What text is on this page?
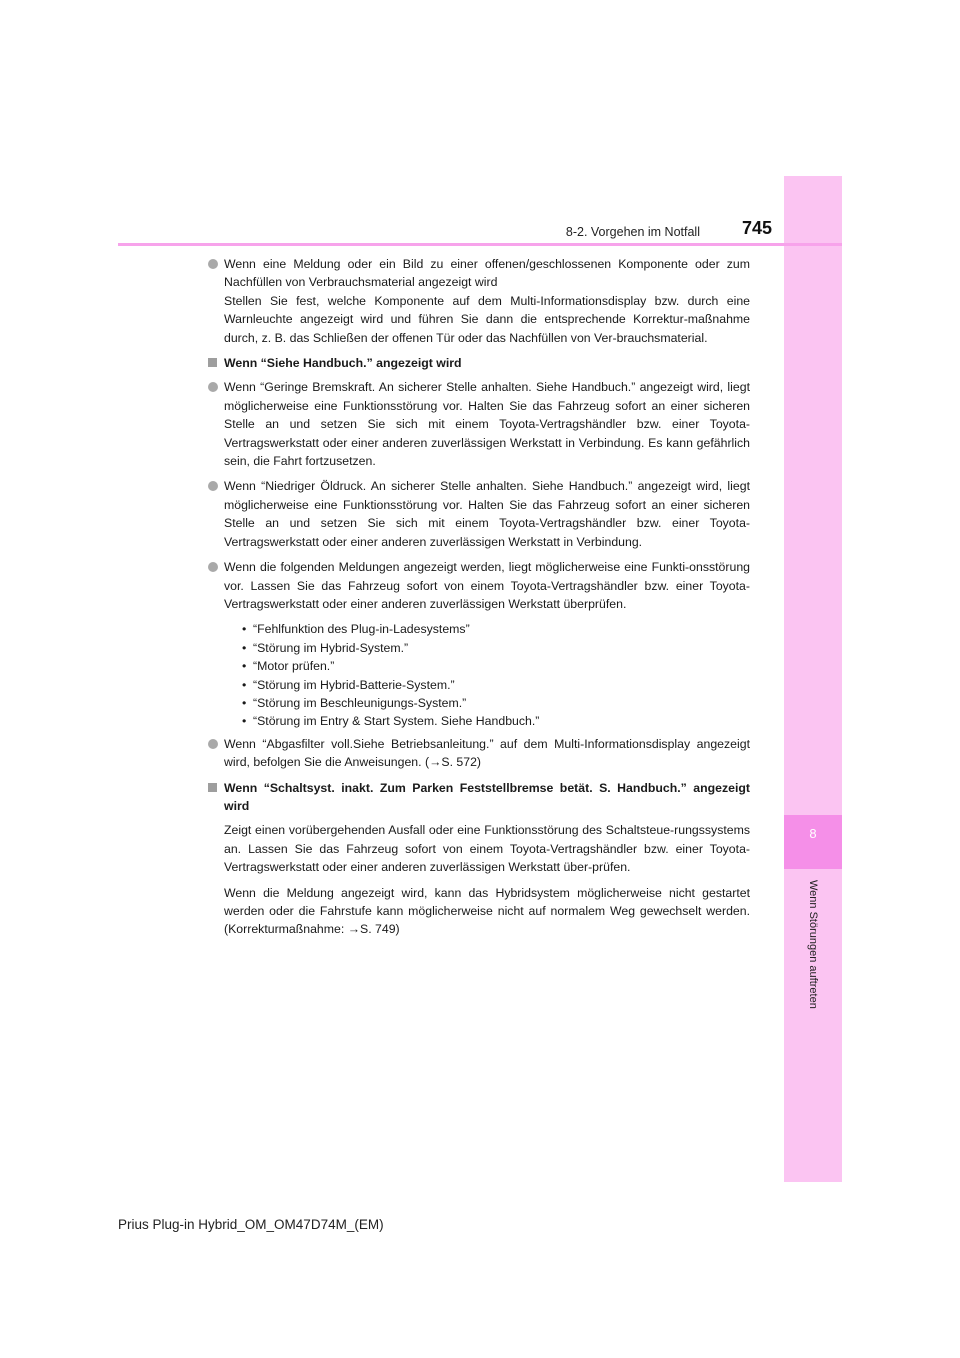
8
Wenn Störungen auftreten
8-2. Vorgehen im Notfall	745
Wenn eine Meldung oder ein Bild zu einer offenen/geschlossenen Komponente oder zum Nachfüllen von Verbrauchsmaterial angezeigt wird
Stellen Sie fest, welche Komponente auf dem Multi-Informationsdisplay bzw. durch eine Warnleuchte angezeigt wird und führen Sie dann die entsprechende Korrektur-maßnahme durch, z. B. das Schließen der offenen Tür oder das Nachfüllen von Ver-brauchsmaterial.
Wenn “Siehe Handbuch.” angezeigt wird
Wenn “Geringe Bremskraft. An sicherer Stelle anhalten. Siehe Handbuch.” angezeigt wird, liegt möglicherweise eine Funktionsstörung vor. Halten Sie das Fahrzeug sofort an einer sicheren Stelle an und setzen Sie sich mit einem Toyota-Vertragshändler bzw. einer Toyota-Vertragswerkstatt oder einer anderen zuverlässigen Werkstatt in Verbindung. Es kann gefährlich sein, die Fahrt fortzusetzen.
Wenn “Niedriger Öldruck. An sicherer Stelle anhalten. Siehe Handbuch.” angezeigt wird, liegt möglicherweise eine Funktionsstörung vor. Halten Sie das Fahrzeug sofort an einer sicheren Stelle an und setzen Sie sich mit einem Toyota-Vertragshändler bzw. einer Toyota-Vertragswerkstatt oder einer anderen zuverlässigen Werkstatt in Verbindung.
Wenn die folgenden Meldungen angezeigt werden, liegt möglicherweise eine Funkti-onsstörung vor. Lassen Sie das Fahrzeug sofort von einem Toyota-Vertragshändler bzw. einer Toyota-Vertragswerkstatt oder einer anderen zuverlässigen Werkstatt überprüfen.
• “Fehlfunktion des Plug-in-Ladesystems”
• “Störung im Hybrid-System.”
• “Motor prüfen.”
• “Störung im Hybrid-Batterie-System.”
• “Störung im Beschleunigungs-System.”
• “Störung im Entry & Start System. Siehe Handbuch.”
Wenn “Abgasfilter voll.Siehe Betriebsanleitung.” auf dem Multi-Informationsdisplay angezeigt wird, befolgen Sie die Anweisungen. (→S. 572)
Wenn “Schaltsyst. inakt. Zum Parken Feststellbremse betät. S. Handbuch.” angezeigt wird
Zeigt einen vorübergehenden Ausfall oder eine Funktionsstörung des Schaltsteue-rungssystems an. Lassen Sie das Fahrzeug sofort von einem Toyota-Vertragshändler bzw. einer Toyota-Vertragswerkstatt oder einer anderen zuverlässigen Werkstatt über-prüfen.
Wenn die Meldung angezeigt wird, kann das Hybridsystem möglicherweise nicht gestartet werden oder die Fahrstufe kann möglicherweise nicht auf normalem Weg gewechselt werden. (Korrekturmaßnahme: →S. 749)
Prius Plug-in Hybrid_OM_OM47D74M_(EM)
